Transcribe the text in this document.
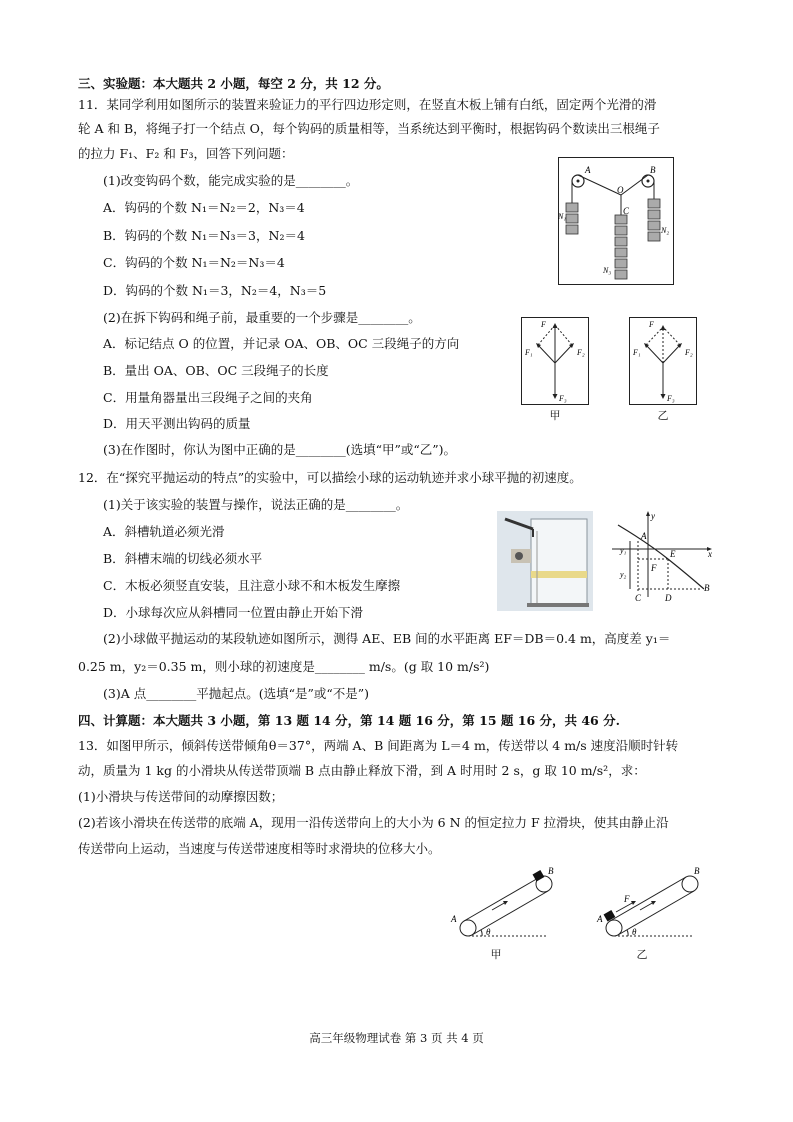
三、实验题：本大题共 2 小题，每空 2 分，共 12 分。
11．某同学利用如图所示的装置来验证力的平行四边形定则，在竖直木板上铺有白纸，固定两个光滑的滑
轮 A 和 B，将绳子打一个结点 O，每个钩码的质量相等，当系统达到平衡时，根据钩码个数读出三根绳子
的拉力 F₁、F₂ 和 F₃，回答下列问题：
(1)改变钩码个数，能完成实验的是________。
A．钩码的个数 N₁＝N₂＝2，N₃＝4
B．钩码的个数 N₁＝N₃＝3，N₂＝4
C．钩码的个数 N₁＝N₂＝N₃＝4
D．钩码的个数 N₁＝3，N₂＝4，N₃＝5
(2)在拆下钩码和绳子前，最重要的一个步骤是________。
A．标记结点 O 的位置，并记录 OA、OB、OC 三段绳子的方向
B．量出 OA、OB、OC 三段绳子的长度
C．用量角器量出三段绳子之间的夹角
D．用天平测出钩码的质量
(3)在作图时，你认为图中正确的是________(选填“甲”或“乙”)。
A	B
O
C
N₁
N₂
N₃
F
F₁	F₂
F₃
甲
F
F₁	F₂
F₃
乙
12．在“探究平抛运动的特点”的实验中，可以描绘小球的运动轨迹并求小球平抛的初速度。
(1)关于该实验的装置与操作，说法正确的是________。
A．斜槽轨道必须光滑
B．斜槽末端的切线必须水平
C．木板必须竖直安装，且注意小球不和木板发生摩擦
D．小球每次应从斜槽同一位置由静止开始下滑
(2)小球做平抛运动的某段轨迹如图所示，测得 AE、EB 间的水平距离 EF＝DB＝0.4 m，高度差 y₁＝
0.25 m，y₂＝0.35 m，则小球的初速度是________ m/s。(g 取 10 m/s²)
(3)A 点________平抛起点。(选填“是”或“不是”)
y
x
A
E
F
B
C	D
y₁
y₂
四、计算题：本大题共 3 小题，第 13 题 14 分，第 14 题 16 分，第 15 题 16 分，共 46 分.
13．如图甲所示，倾斜传送带倾角θ＝37°，两端 A、B 间距离为 L＝4 m，传送带以 4 m/s 速度沿顺时针转
动，质量为 1 kg 的小滑块从传送带顶端 B 点由静止释放下滑，到 A 时用时 2 s，g 取 10 m/s²，求：
(1)小滑块与传送带间的动摩擦因数；
(2)若该小滑块在传送带的底端 A，现用一沿传送带向上的大小为 6 N 的恒定拉力 F 拉滑块，使其由静止沿
传送带向上运动，当速度与传送带速度相等时求滑块的位移大小。
A
B
θ
甲
A
B
F
θ
乙
高三年级物理试卷 第 3 页 共 4 页
